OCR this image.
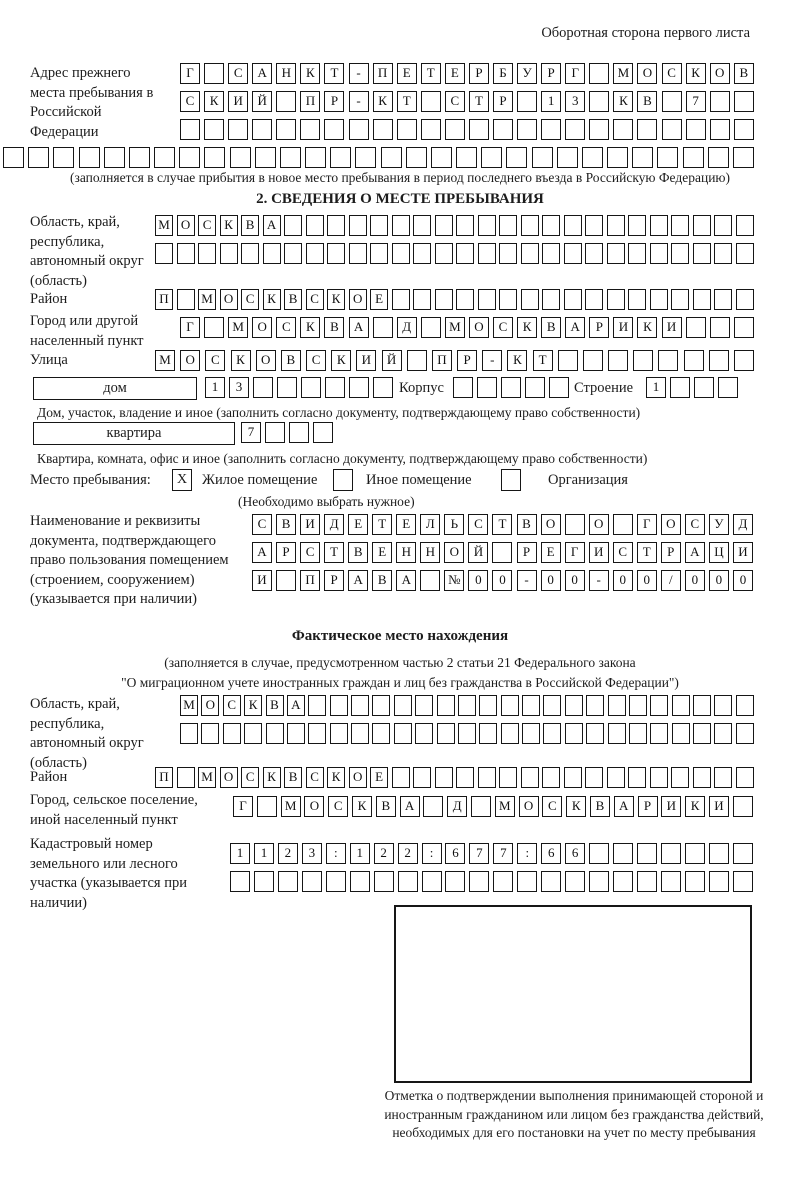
Оборотная сторона первого листа
Адрес прежнего места пребывания в Российской Федерации
Г	С	А	Н	К	Т	-	П	Е	Т	Е	Р	Б	У	Р	Г	М	О	С	К	О	В
С	К	И	Й	П	Р	-	К	Т	С	Т	Р	1	3	К	В	7
(заполняется в случае прибытия в новое место пребывания в период последнего въезда в Российскую Федерацию)
2. СВЕДЕНИЯ О МЕСТЕ ПРЕБЫВАНИЯ
Область, край, республика, автономный округ (область)
М О С К В А
Район	П	М О С К В С К О Е
Город или другой населенный пункт
Г	М	О	С	К	В	А	Д	М	О	С	К	В	А	Р	И	К	И
Улица	М	О	С	К	О	В	С	К	И	Й	П	Р	-	К	Т
дом	1	3	Корпус	Строение	1
Дом, участок, владение и иное (заполнить согласно документу, подтверждающему право собственности)
квартира	7
Квартира, комната, офис и иное (заполнить согласно документу, подтверждающему право собственности)
Место пребывания:	X	Жилое помещение	Иное помещение	Организация
(Необходимо выбрать нужное)
Наименование и реквизиты документа, подтверждающего право пользования помещением (строением, сооружением) (указывается при наличии)
С	В	И	Д	Е	Т	Е	Л	Ь	С	Т	В	О	О	Г	О	С	У	Д
А	Р	С	Т	В	Е	Н	Н	О	Й	Р	Е	Г	И	С	Т	Р	А	Ц	И
И	П	Р	А	В	А	№	0	0	-	0	0	-	0	0	/	0	0	0
Фактическое место нахождения
(заполняется в случае, предусмотренном частью 2 статьи 21 Федерального закона
"О миграционном учете иностранных граждан и лиц без гражданства в Российской Федерации")
Область, край, республика, автономный округ (область)
М О С К В А
Район	П	М О С К В С К О Е
Город, сельское поселение, иной населенный пункт
Г	М	О	С	К	В	А	Д	М	О	С	К	В	А	Р	И	К	И
Кадастровый номер земельного или лесного участка (указывается при наличии)
1	1	2	3	:	1	2	2	:	6	7	7	:	6	6
Отметка о подтверждении выполнения принимающей стороной и иностранным гражданином или лицом без гражданства действий, необходимых для его постановки на учет по месту пребывания
